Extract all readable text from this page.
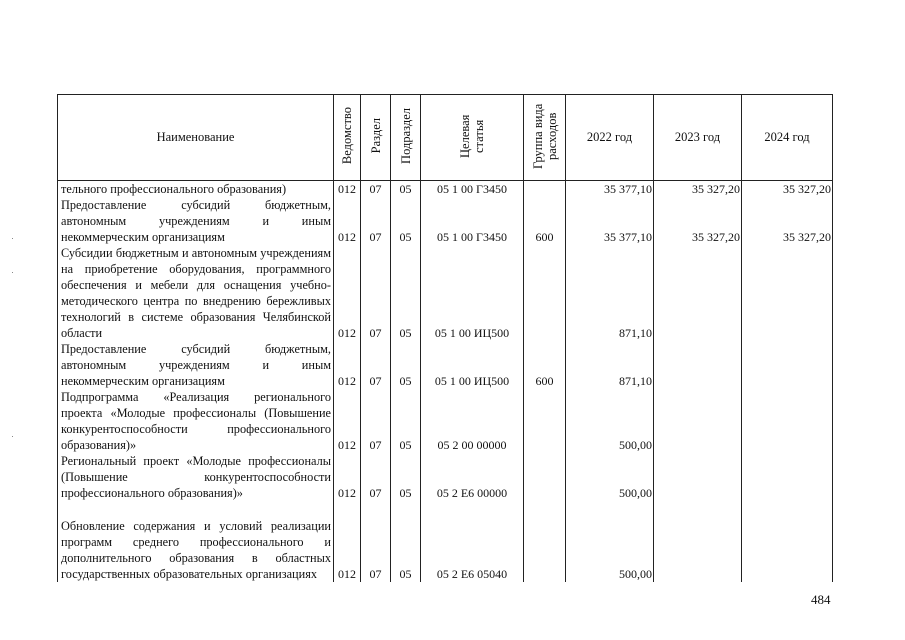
Наименование	Ведомство	Раздел	Подраздел	Целевая статья	Группа вида расходов	2022 год	2023 год	2024 год
тельного профессионального образования)	012	07	05	05 1 00 Г3450		35 377,10	35 327,20	35 327,20
Предоставление субсидий бюджетным, автономным учреждениям и иным некоммерческим организациям	012	07	05	05 1 00 Г3450	600	35 377,10	35 327,20	35 327,20
Субсидии бюджетным и автономным учреждениям на приобретение оборудования, программного обеспечения и мебели для оснащения учебно-методического центра по внедрению бережливых технологий в системе образования Челябинской области	012	07	05	05 1 00 ИЦ500		871,10		
Предоставление субсидий бюджетным, автономным учреждениям и иным некоммерческим организациям	012	07	05	05 1 00 ИЦ500	600	871,10		
Подпрограмма «Реализация регионального проекта «Молодые профессионалы (Повышение конкурентоспособности профессионального образования)»	012	07	05	05 2 00 00000		500,00		
Региональный проект «Молодые профессионалы (Повышение конкурентоспособности профессионального образования)»	012	07	05	05 2 E6 00000		500,00		
Обновление содержания и условий реализации программ среднего профессионального и дополнительного образования в областных государственных образовательных организациях	012	07	05	05 2 E6 05040		500,00		
484
